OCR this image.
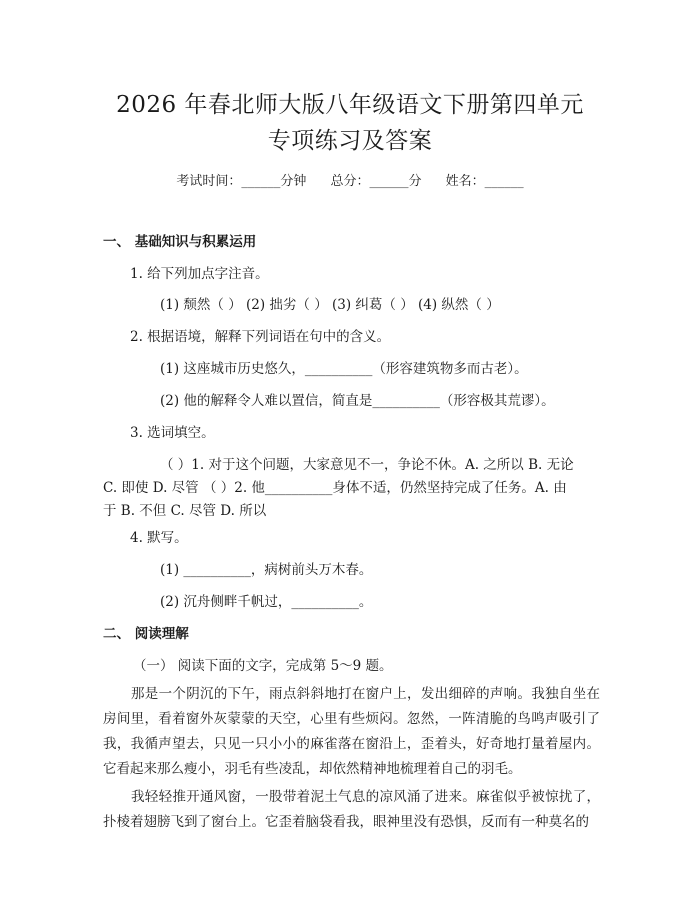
2026 年春北师大版八年级语文下册第四单元
专项练习及答案
考试时间：______分钟 总分：______分 姓名：______
一、 基础知识与积累运用
1. 给下列加点字注音。
(1) 颓然（ ） (2) 拙劣（ ） (3) 纠葛（ ） (4) 纵然（ ）
2. 根据语境，解释下列词语在句中的含义。
(1) 这座城市历史悠久，__________（形容建筑物多而古老）。
(2) 他的解释令人难以置信，简直是__________（形容极其荒谬）。
3. 选词填空。
（ ）1. 对于这个问题，大家意见不一，争论不休。A. 之所以 B. 无论
C. 即使 D. 尽管 （ ）2. 他__________身体不适，仍然坚持完成了任务。A. 由
于 B. 不但 C. 尽管 D. 所以
4. 默写。
(1) __________，病树前头万木春。
(2) 沉舟侧畔千帆过，__________。
二、 阅读理解
（一） 阅读下面的文字，完成第 5～9 题。
那是一个阴沉的下午，雨点斜斜地打在窗户上，发出细碎的声响。我独自坐在房间里，看着窗外灰蒙蒙的天空，心里有些烦闷。忽然，一阵清脆的鸟鸣声吸引了我，我循声望去，只见一只小小的麻雀落在窗沿上，歪着头，好奇地打量着屋内。它看起来那么瘦小，羽毛有些凌乱，却依然精神地梳理着自己的羽毛。
我轻轻推开通风窗，一股带着泥土气息的凉风涌了进来。麻雀似乎被惊扰了，扑棱着翅膀飞到了窗台上。它歪着脑袋看我，眼神里没有恐惧，反而有一种莫名的
